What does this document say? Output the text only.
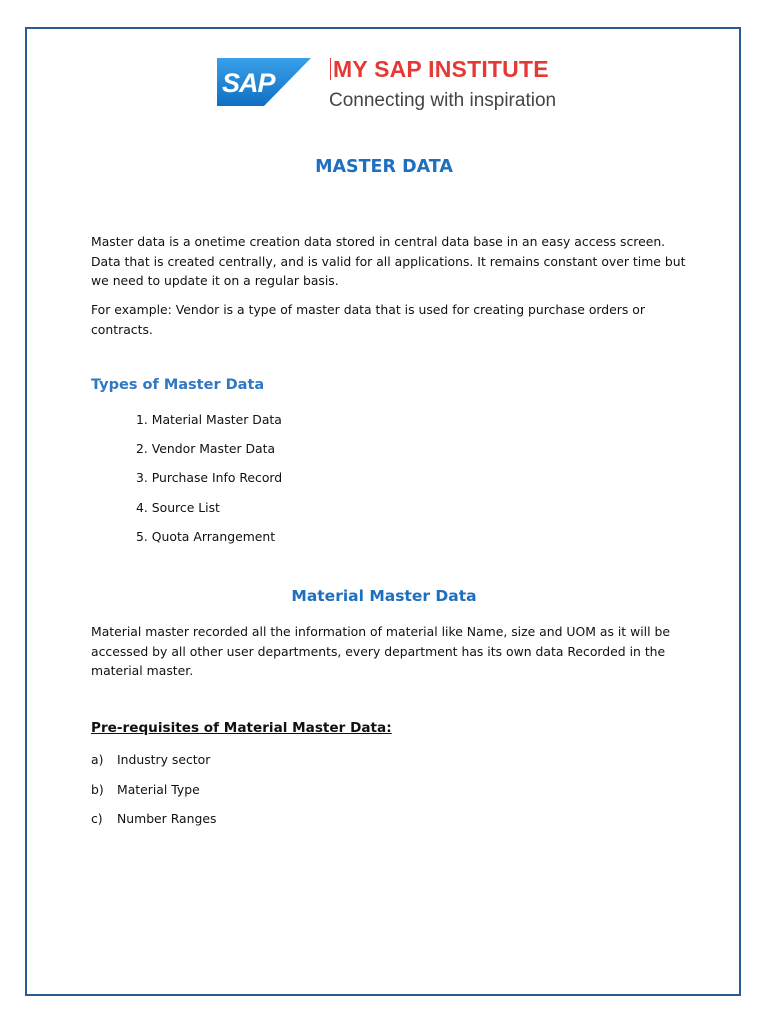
SAP	MY SAP INSTITUTE
Connecting with inspiration
MASTER DATA

Master data is a onetime creation data stored in central data base in an easy access screen. Data that is created centrally, and is valid for all applications. It remains constant over time but we need to update it on a regular basis.

For example: Vendor is a type of master data that is used for creating purchase orders or contracts.

Types of Master Data
1. Material Master Data
2. Vendor Master Data
3. Purchase Info Record
4. Source List
5. Quota Arrangement
Material Master Data

Material master recorded all the information of material like Name, size and UOM as it will be accessed by all other user departments, every department has its own data Recorded in the material master.

Pre-requisites of Material Master Data:
a) Industry sector
b) Material Type
c) Number Ranges
